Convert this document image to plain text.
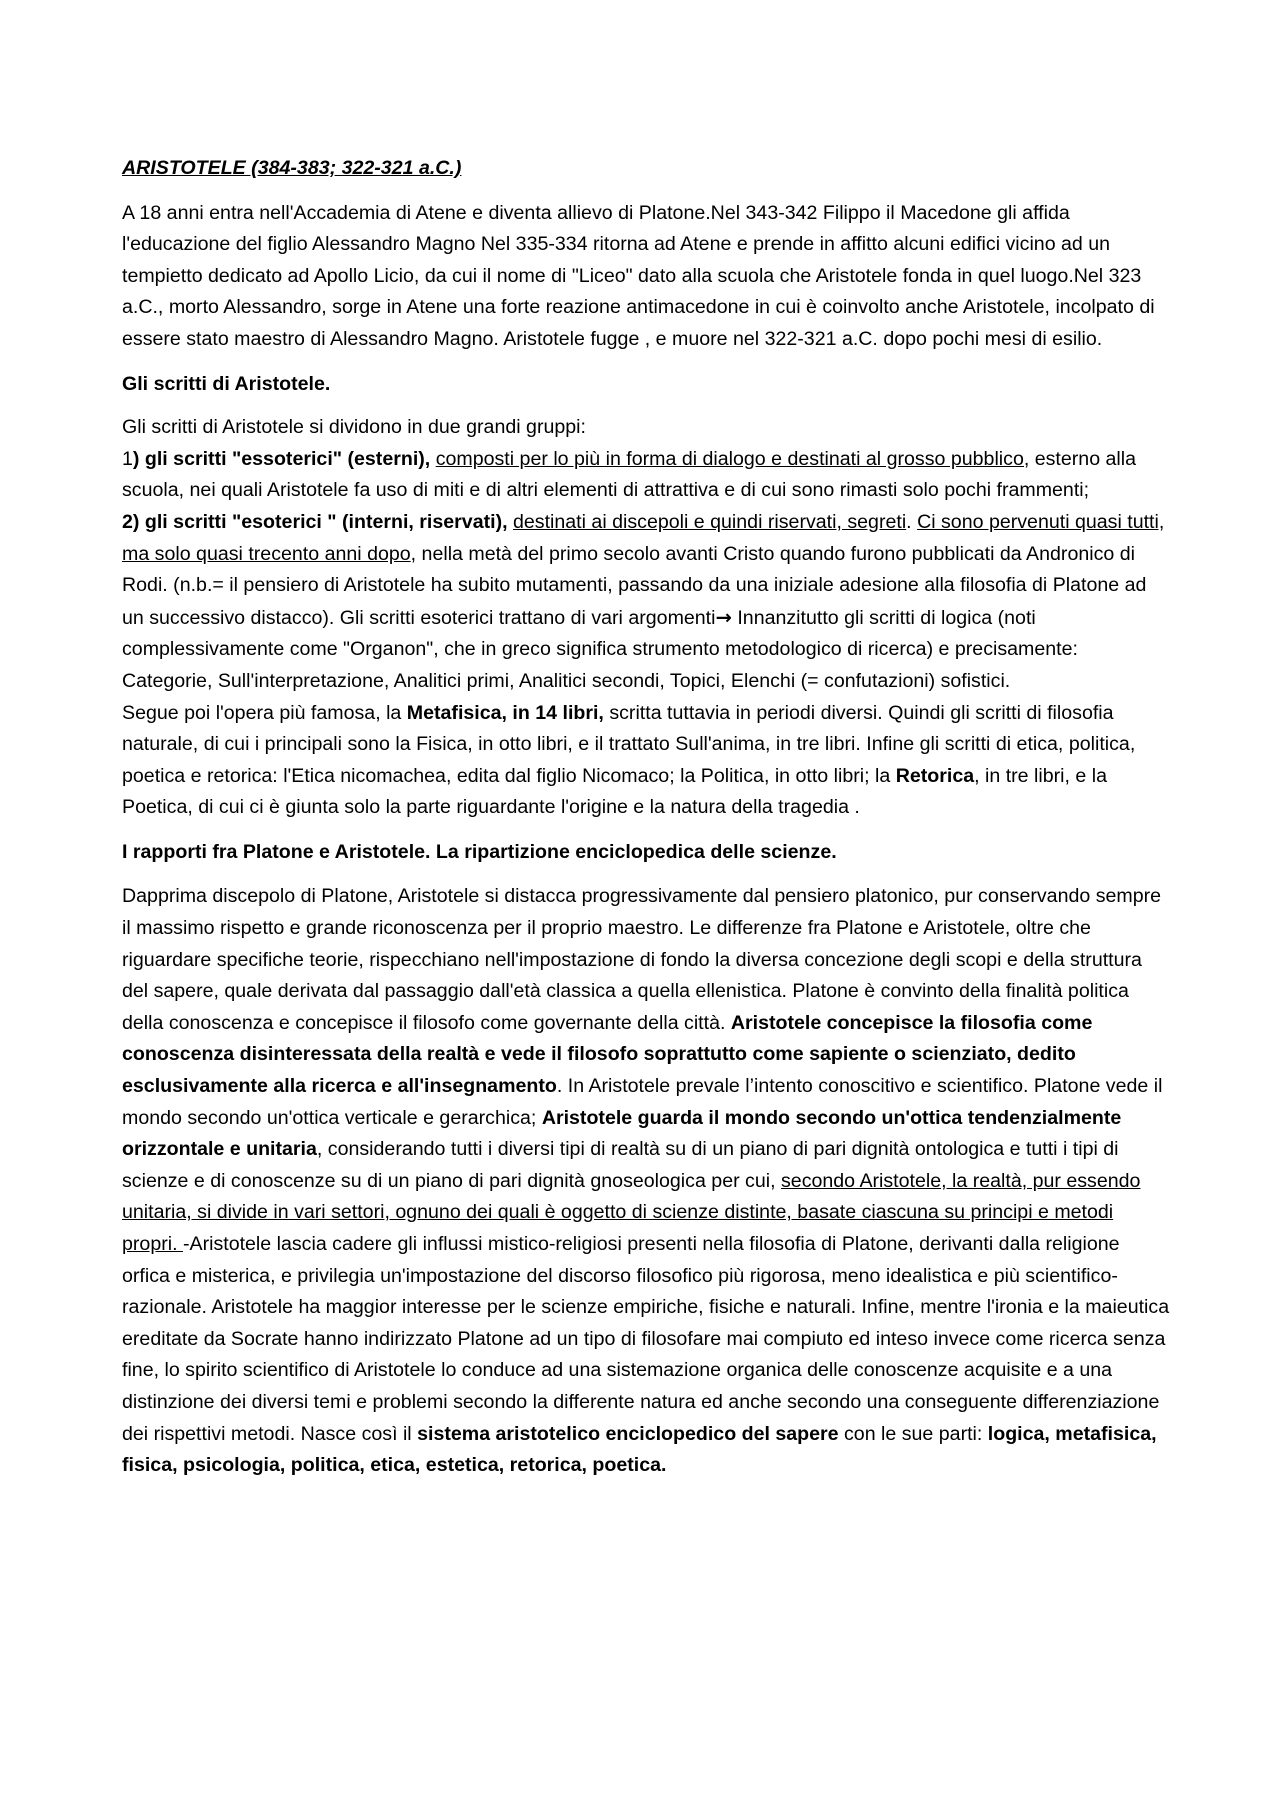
ARISTOTELE (384-383; 322-321 a.C.)

A 18 anni entra nell'Accademia di Atene e diventa allievo di Platone.Nel 343-342 Filippo il Macedone gli affida l'educazione del figlio Alessandro Magno Nel 335-334 ritorna ad Atene e prende in affitto alcuni edifici vicino ad un tempietto dedicato ad Apollo Licio, da cui il nome di "Liceo" dato alla scuola che Aristotele fonda in quel luogo.Nel 323 a.C., morto Alessandro, sorge in Atene una forte reazione antimacedone in cui è coinvolto anche Aristotele, incolpato di essere stato maestro di Alessandro Magno. Aristotele fugge , e muore nel 322-321 a.C. dopo pochi mesi di esilio.

Gli scritti di Aristotele.

Gli scritti di Aristotele si dividono in due grandi gruppi:

1) gli scritti "essoterici" (esterni), composti per lo più in forma di dialogo e destinati al grosso pubblico, esterno alla scuola, nei quali Aristotele fa uso di miti e di altri elementi di attrattiva e di cui sono rimasti solo pochi frammenti;

2) gli scritti "esoterici " (interni, riservati), destinati ai discepoli e quindi riservati, segreti. Ci sono pervenuti quasi tutti, ma solo quasi trecento anni dopo, nella metà del primo secolo avanti Cristo quando furono pubblicati da Andronico di Rodi. (n.b.= il pensiero di Aristotele ha subito mutamenti, passando da una iniziale adesione alla filosofia di Platone ad un successivo distacco). Gli scritti esoterici trattano di vari argomenti→ Innanzitutto gli scritti di logica (noti complessivamente come "Organon", che in greco significa strumento metodologico di ricerca) e precisamente: Categorie, Sull'interpretazione, Analitici primi, Analitici secondi, Topici, Elenchi (= confutazioni) sofistici.

Segue poi l'opera più famosa, la Metafisica, in 14 libri, scritta tuttavia in periodi diversi. Quindi gli scritti di filosofia naturale, di cui i principali sono la Fisica, in otto libri, e il trattato Sull'anima, in tre libri. Infine gli scritti di etica, politica, poetica e retorica: l'Etica nicomachea, edita dal figlio Nicomaco; la Politica, in otto libri; la Retorica, in tre libri, e la Poetica, di cui ci è giunta solo la parte riguardante l'origine e la natura della tragedia .

I rapporti fra Platone e Aristotele. La ripartizione enciclopedica delle scienze.

Dapprima discepolo di Platone, Aristotele si distacca progressivamente dal pensiero platonico, pur conservando sempre il massimo rispetto e grande riconoscenza per il proprio maestro. Le differenze fra Platone e Aristotele, oltre che riguardare specifiche teorie, rispecchiano nell'impostazione di fondo la diversa concezione degli scopi e della struttura del sapere, quale derivata dal passaggio dall'età classica a quella ellenistica. Platone è convinto della finalità politica della conoscenza e concepisce il filosofo come governante della città. Aristotele concepisce la filosofia come conoscenza disinteressata della realtà e vede il filosofo soprattutto come sapiente o scienziato, dedito esclusivamente alla ricerca e all'insegnamento. In Aristotele prevale l’intento conoscitivo e scientifico. Platone vede il mondo secondo un'ottica verticale e gerarchica; Aristotele guarda il mondo secondo un'ottica tendenzialmente orizzontale e unitaria, considerando tutti i diversi tipi di realtà su di un piano di pari dignità ontologica e tutti i tipi di scienze e di conoscenze su di un piano di pari dignità gnoseologica per cui, secondo Aristotele, la realtà, pur essendo unitaria, si divide in vari settori, ognuno dei quali è oggetto di scienze distinte, basate ciascuna su principi e metodi propri. -Aristotele lascia cadere gli influssi mistico-religiosi presenti nella filosofia di Platone, derivanti dalla religione orfica e misterica, e privilegia un'impostazione del discorso filosofico più rigorosa, meno idealistica e più scientifico-razionale. Aristotele ha maggior interesse per le scienze empiriche, fisiche e naturali. Infine, mentre l'ironia e la maieutica ereditate da Socrate hanno indirizzato Platone ad un tipo di filosofare mai compiuto ed inteso invece come ricerca senza fine, lo spirito scientifico di Aristotele lo conduce ad una sistemazione organica delle conoscenze acquisite e a una distinzione dei diversi temi e problemi secondo la differente natura ed anche secondo una conseguente differenziazione dei rispettivi metodi. Nasce così il sistema aristotelico enciclopedico del sapere con le sue parti: logica, metafisica, fisica, psicologia, politica, etica, estetica, retorica, poetica.
